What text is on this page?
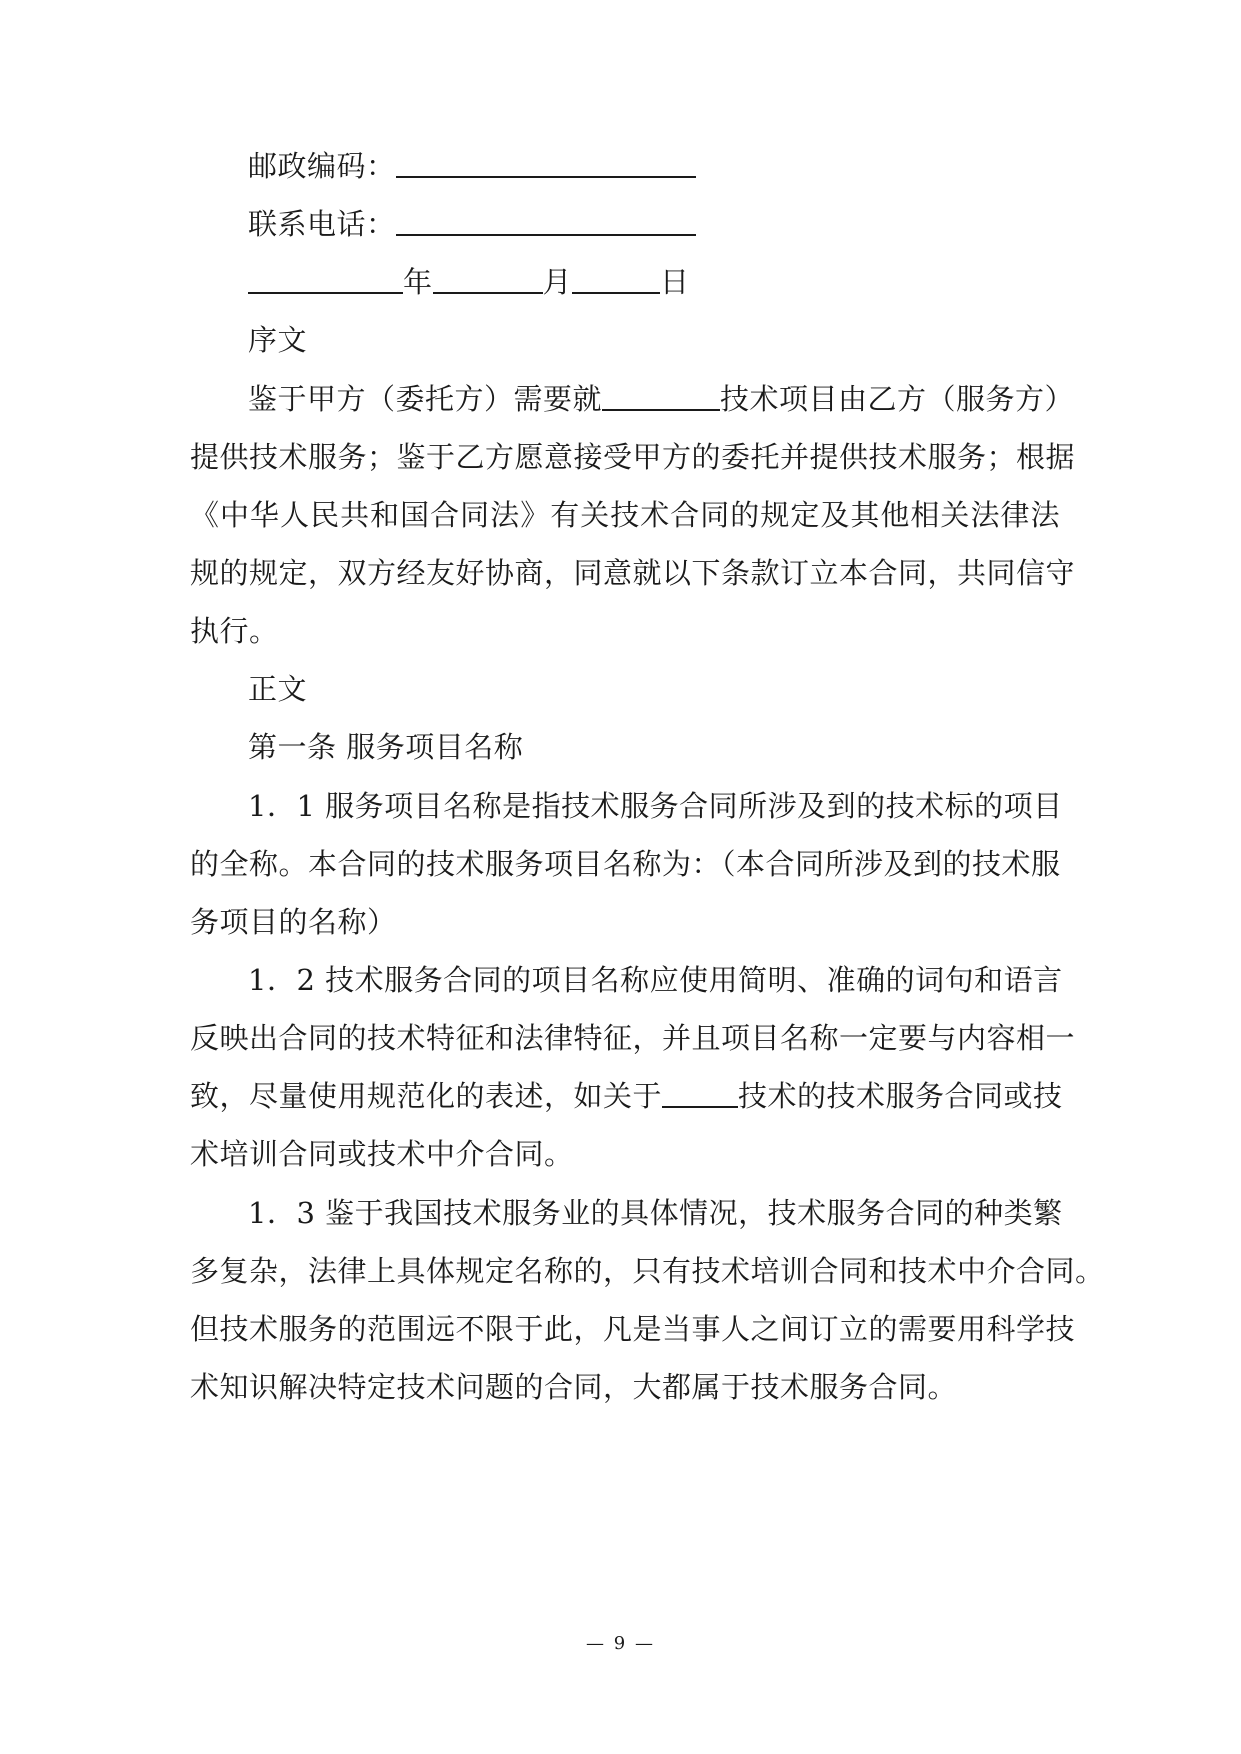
邮政编码：
联系电话：
年	月	日
序文
鉴于甲方（委托方）需要就	技术项目由乙方（服务方）
提供技术服务；鉴于乙方愿意接受甲方的委托并提供技术服务；根据
《中华人民共和国合同法》有关技术合同的规定及其他相关法律法
规的规定，双方经友好协商，同意就以下条款订立本合同，共同信守
执行。
正文
第一条 服务项目名称
1．1 服务项目名称是指技术服务合同所涉及到的技术标的项目
的全称。本合同的技术服务项目名称为：（本合同所涉及到的技术服
务项目的名称）
1．2 技术服务合同的项目名称应使用简明、准确的词句和语言
反映出合同的技术特征和法律特征，并且项目名称一定要与内容相一
致，尽量使用规范化的表述，如关于	技术的技术服务合同或技
术培训合同或技术中介合同。
1．3 鉴于我国技术服务业的具体情况，技术服务合同的种类繁
多复杂，法律上具体规定名称的，只有技术培训合同和技术中介合同。
但技术服务的范围远不限于此，凡是当事人之间订立的需要用科学技
术知识解决特定技术问题的合同，大都属于技术服务合同。
— 9 —
